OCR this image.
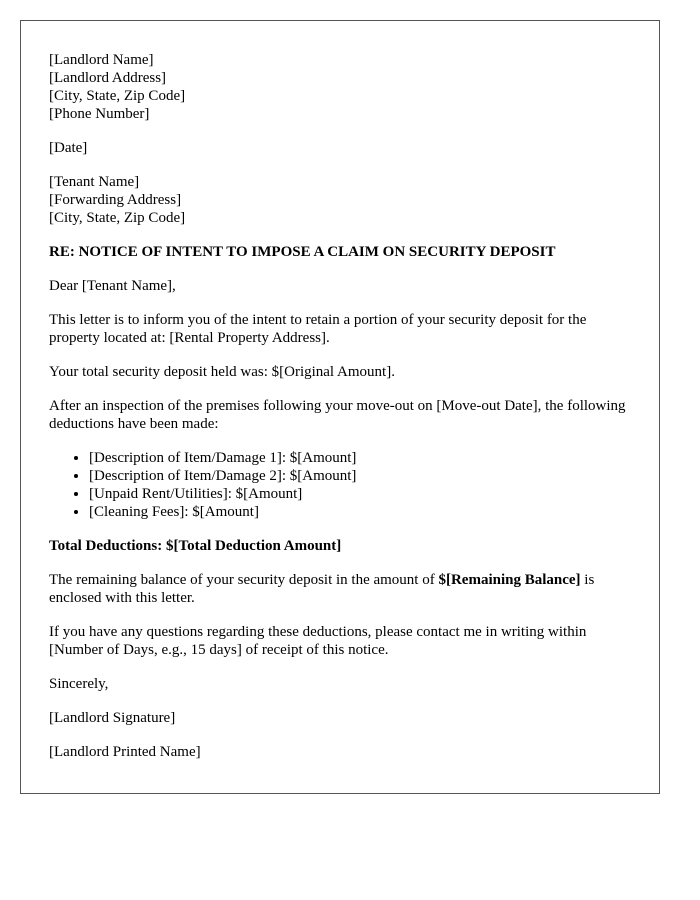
[Landlord Name]

[Landlord Address]

[City, State, Zip Code]

[Phone Number]

[Date]

[Tenant Name]

[Forwarding Address]

[City, State, Zip Code]

RE: NOTICE OF INTENT TO IMPOSE A CLAIM ON SECURITY DEPOSIT

Dear [Tenant Name],

This letter is to inform you of the intent to retain a portion of your security deposit for the property located at: [Rental Property Address].

Your total security deposit held was: $[Original Amount].

After an inspection of the premises following your move-out on [Move-out Date], the following deductions have been made:

• [Description of Item/Damage 1]: $[Amount]
• [Description of Item/Damage 2]: $[Amount]
• [Unpaid Rent/Utilities]: $[Amount]
• [Cleaning Fees]: $[Amount]

Total Deductions: $[Total Deduction Amount]

The remaining balance of your security deposit in the amount of $[Remaining Balance] is enclosed with this letter.

If you have any questions regarding these deductions, please contact me in writing within [Number of Days, e.g., 15 days] of receipt of this notice.

Sincerely,

[Landlord Signature]

[Landlord Printed Name]
